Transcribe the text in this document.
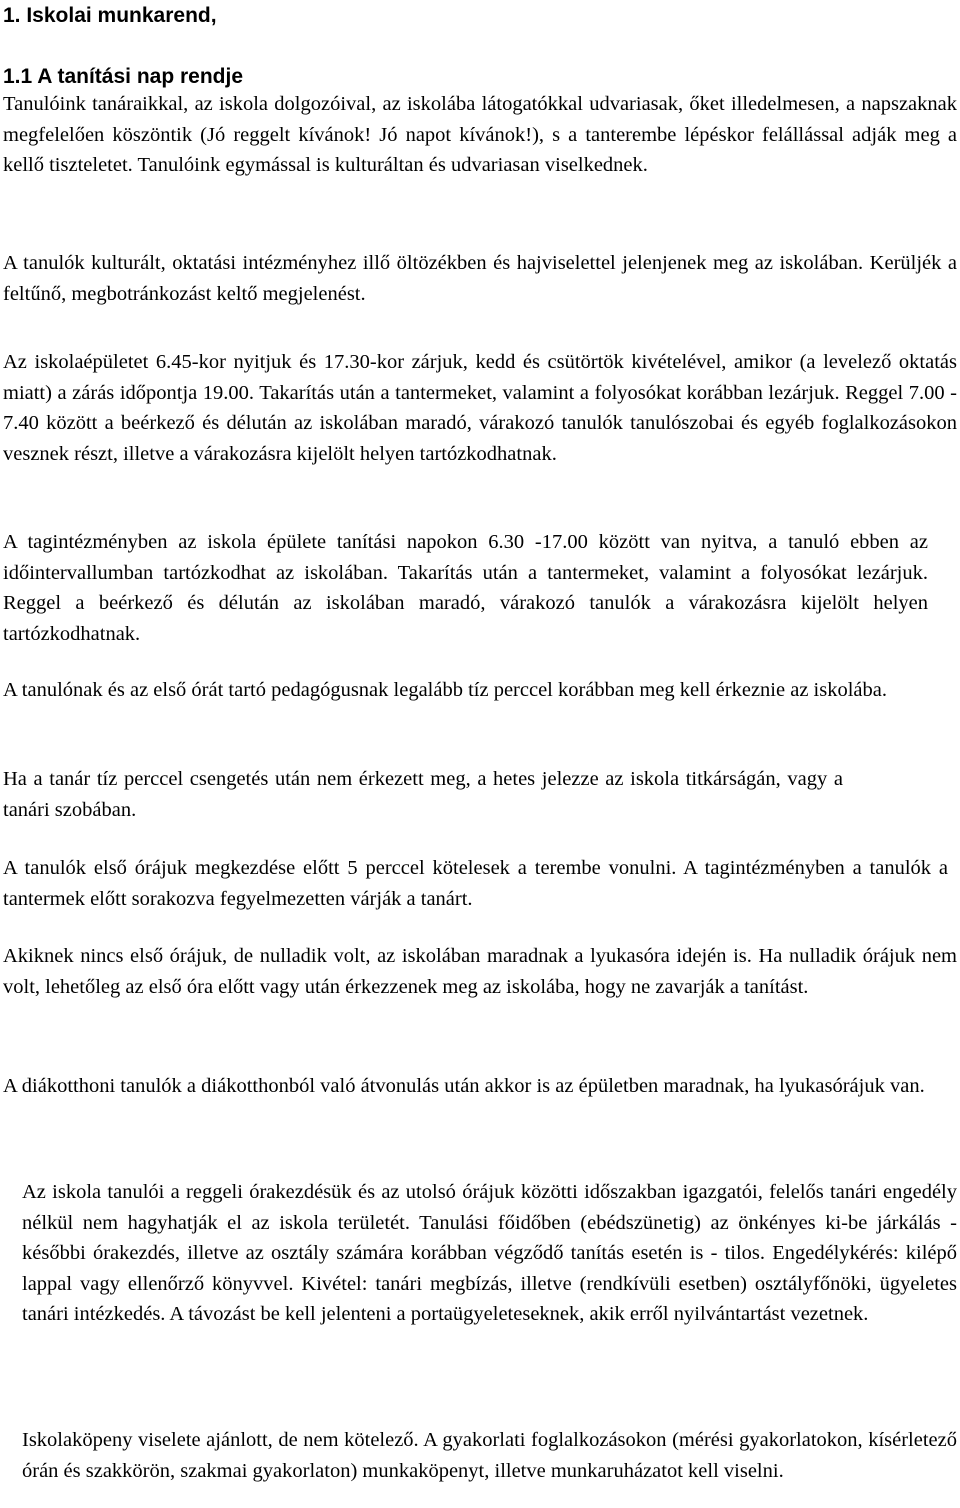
1. Iskolai munkarend,
1.1 A tanítási nap rendje

Tanulóink tanáraikkal, az iskola dolgozóival, az iskolába látogatókkal udvariasak, őket illedelmesen, a napszaknak megfelelően köszöntik (Jó reggelt kívánok! Jó napot kívánok!), s a tanterembe lépéskor felállással adják meg a kellő tiszteletet. Tanulóink egymással is kulturáltan és udvariasan viselkednek.

A tanulók kulturált, oktatási intézményhez illő öltözékben és hajviselettel jelenjenek meg az iskolában. Kerüljék a feltűnő, megbotránkozást keltő megjelenést.

Az iskolaépületet 6.45-kor nyitjuk és 17.30-kor zárjuk, kedd és csütörtök kivételével, amikor (a levelező oktatás miatt) a zárás időpontja 19.00. Takarítás után a tantermeket, valamint a folyosókat korábban lezárjuk. Reggel 7.00 - 7.40 között a beérkező és délután az iskolában maradó, várakozó tanulók tanulószobai és egyéb foglalkozásokon vesznek részt, illetve a várakozásra kijelölt helyen tartózkodhatnak.

A tagintézményben az iskola épülete tanítási napokon 6.30 -17.00 között van nyitva, a tanuló ebben az időintervallumban tartózkodhat az iskolában. Takarítás után a tantermeket, valamint a folyosókat lezárjuk. Reggel a beérkező és délután az iskolában maradó, várakozó tanulók a várakozásra kijelölt helyen tartózkodhatnak.

A tanulónak és az első órát tartó pedagógusnak legalább tíz perccel korábban meg kell érkeznie az iskolába.

Ha a tanár tíz perccel csengetés után nem érkezett meg, a hetes jelezze az iskola titkárságán, vagy a tanári szobában.

A tanulók első órájuk megkezdése előtt 5 perccel kötelesek a terembe vonulni. A tagintézményben a tanulók a tantermek előtt sorakozva fegyelmezetten várják a tanárt.

Akiknek nincs első órájuk, de nulladik volt, az iskolában maradnak a lyukasóra idején is. Ha nulladik órájuk nem volt, lehetőleg az első óra előtt vagy után érkezzenek meg az iskolába, hogy ne zavarják a tanítást.

A diákotthoni tanulók a diákotthonból való átvonulás után akkor is az épületben maradnak, ha lyukasórájuk van.

Az iskola tanulói a reggeli órakezdésük és az utolsó órájuk közötti időszakban igazgatói, felelős tanári engedély nélkül nem hagyhatják el az iskola területét. Tanulási főidőben (ebédszünetig) az önkényes ki-be járkálás - későbbi órakezdés, illetve az osztály számára korábban végződő tanítás esetén is - tilos. Engedélykérés: kilépő lappal vagy ellenőrző könyvvel. Kivétel: tanári megbízás, illetve (rendkívüli esetben) osztályfőnöki, ügyeletes tanári intézkedés. A távozást be kell jelenteni a portaügyeleteseknek, akik erről nyilvántartást vezetnek.

Iskolaköpeny viselete ajánlott, de nem kötelező. A gyakorlati foglalkozásokon (mérési gyakorlatokon, kísérletező órán és szakkörön, szakmai gyakorlaton) munkaköpenyt, illetve munkaruházatot kell viselni.
